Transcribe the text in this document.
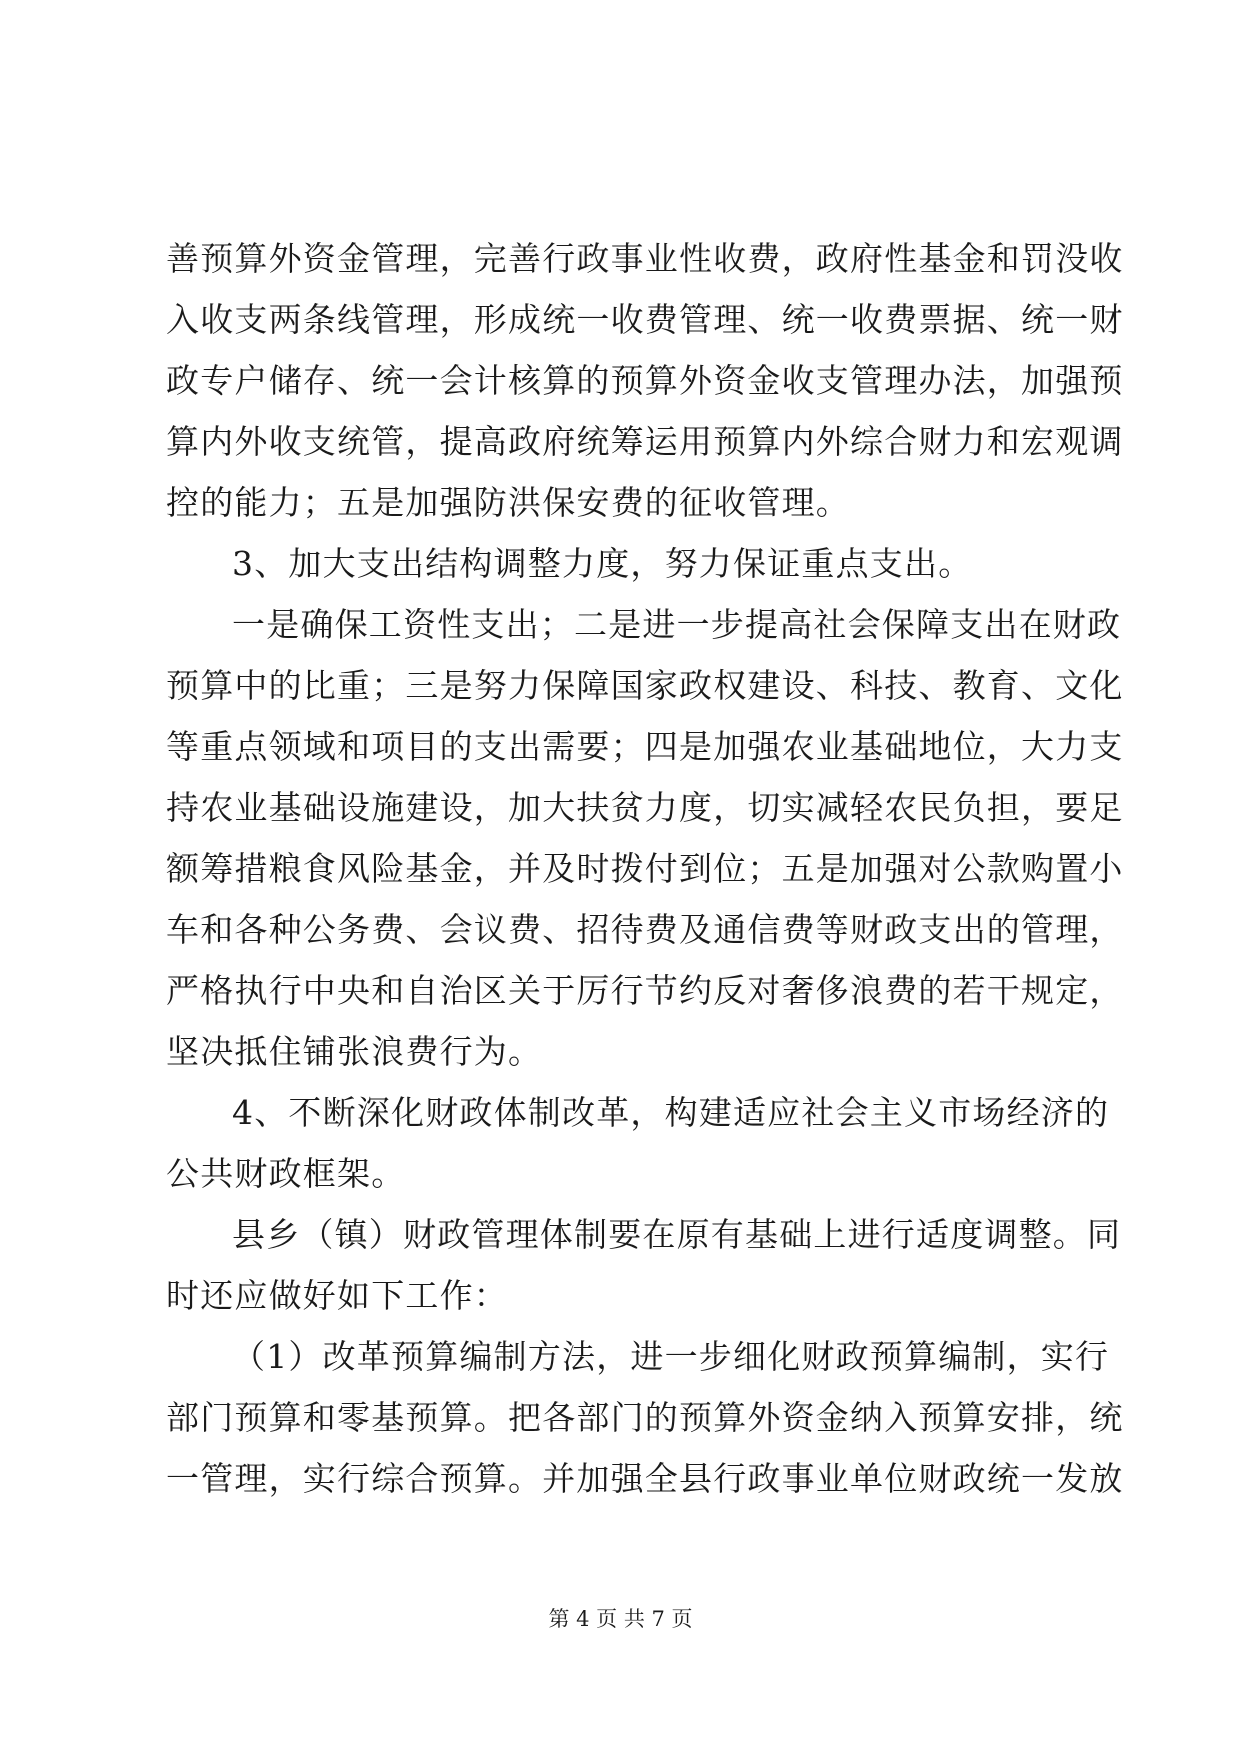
善预算外资金管理，完善行政事业性收费，政府性基金和罚没收
入收支两条线管理，形成统一收费管理、统一收费票据、统一财
政专户储存、统一会计核算的预算外资金收支管理办法，加强预
算内外收支统管，提高政府统筹运用预算内外综合财力和宏观调
控的能力；五是加强防洪保安费的征收管理。
3、加大支出结构调整力度，努力保证重点支出。
一是确保工资性支出；二是进一步提高社会保障支出在财政
预算中的比重；三是努力保障国家政权建设、科技、教育、文化
等重点领域和项目的支出需要；四是加强农业基础地位，大力支
持农业基础设施建设，加大扶贫力度，切实减轻农民负担，要足
额筹措粮食风险基金，并及时拨付到位；五是加强对公款购置小
车和各种公务费、会议费、招待费及通信费等财政支出的管理，
严格执行中央和自治区关于厉行节约反对奢侈浪费的若干规定，
坚决抵住铺张浪费行为。
4、不断深化财政体制改革，构建适应社会主义市场经济的
公共财政框架。
县乡（镇）财政管理体制要在原有基础上进行适度调整。同
时还应做好如下工作：
（1）改革预算编制方法，进一步细化财政预算编制，实行
部门预算和零基预算。把各部门的预算外资金纳入预算安排，统
一管理，实行综合预算。并加强全县行政事业单位财政统一发放
第 4 页 共 7 页
